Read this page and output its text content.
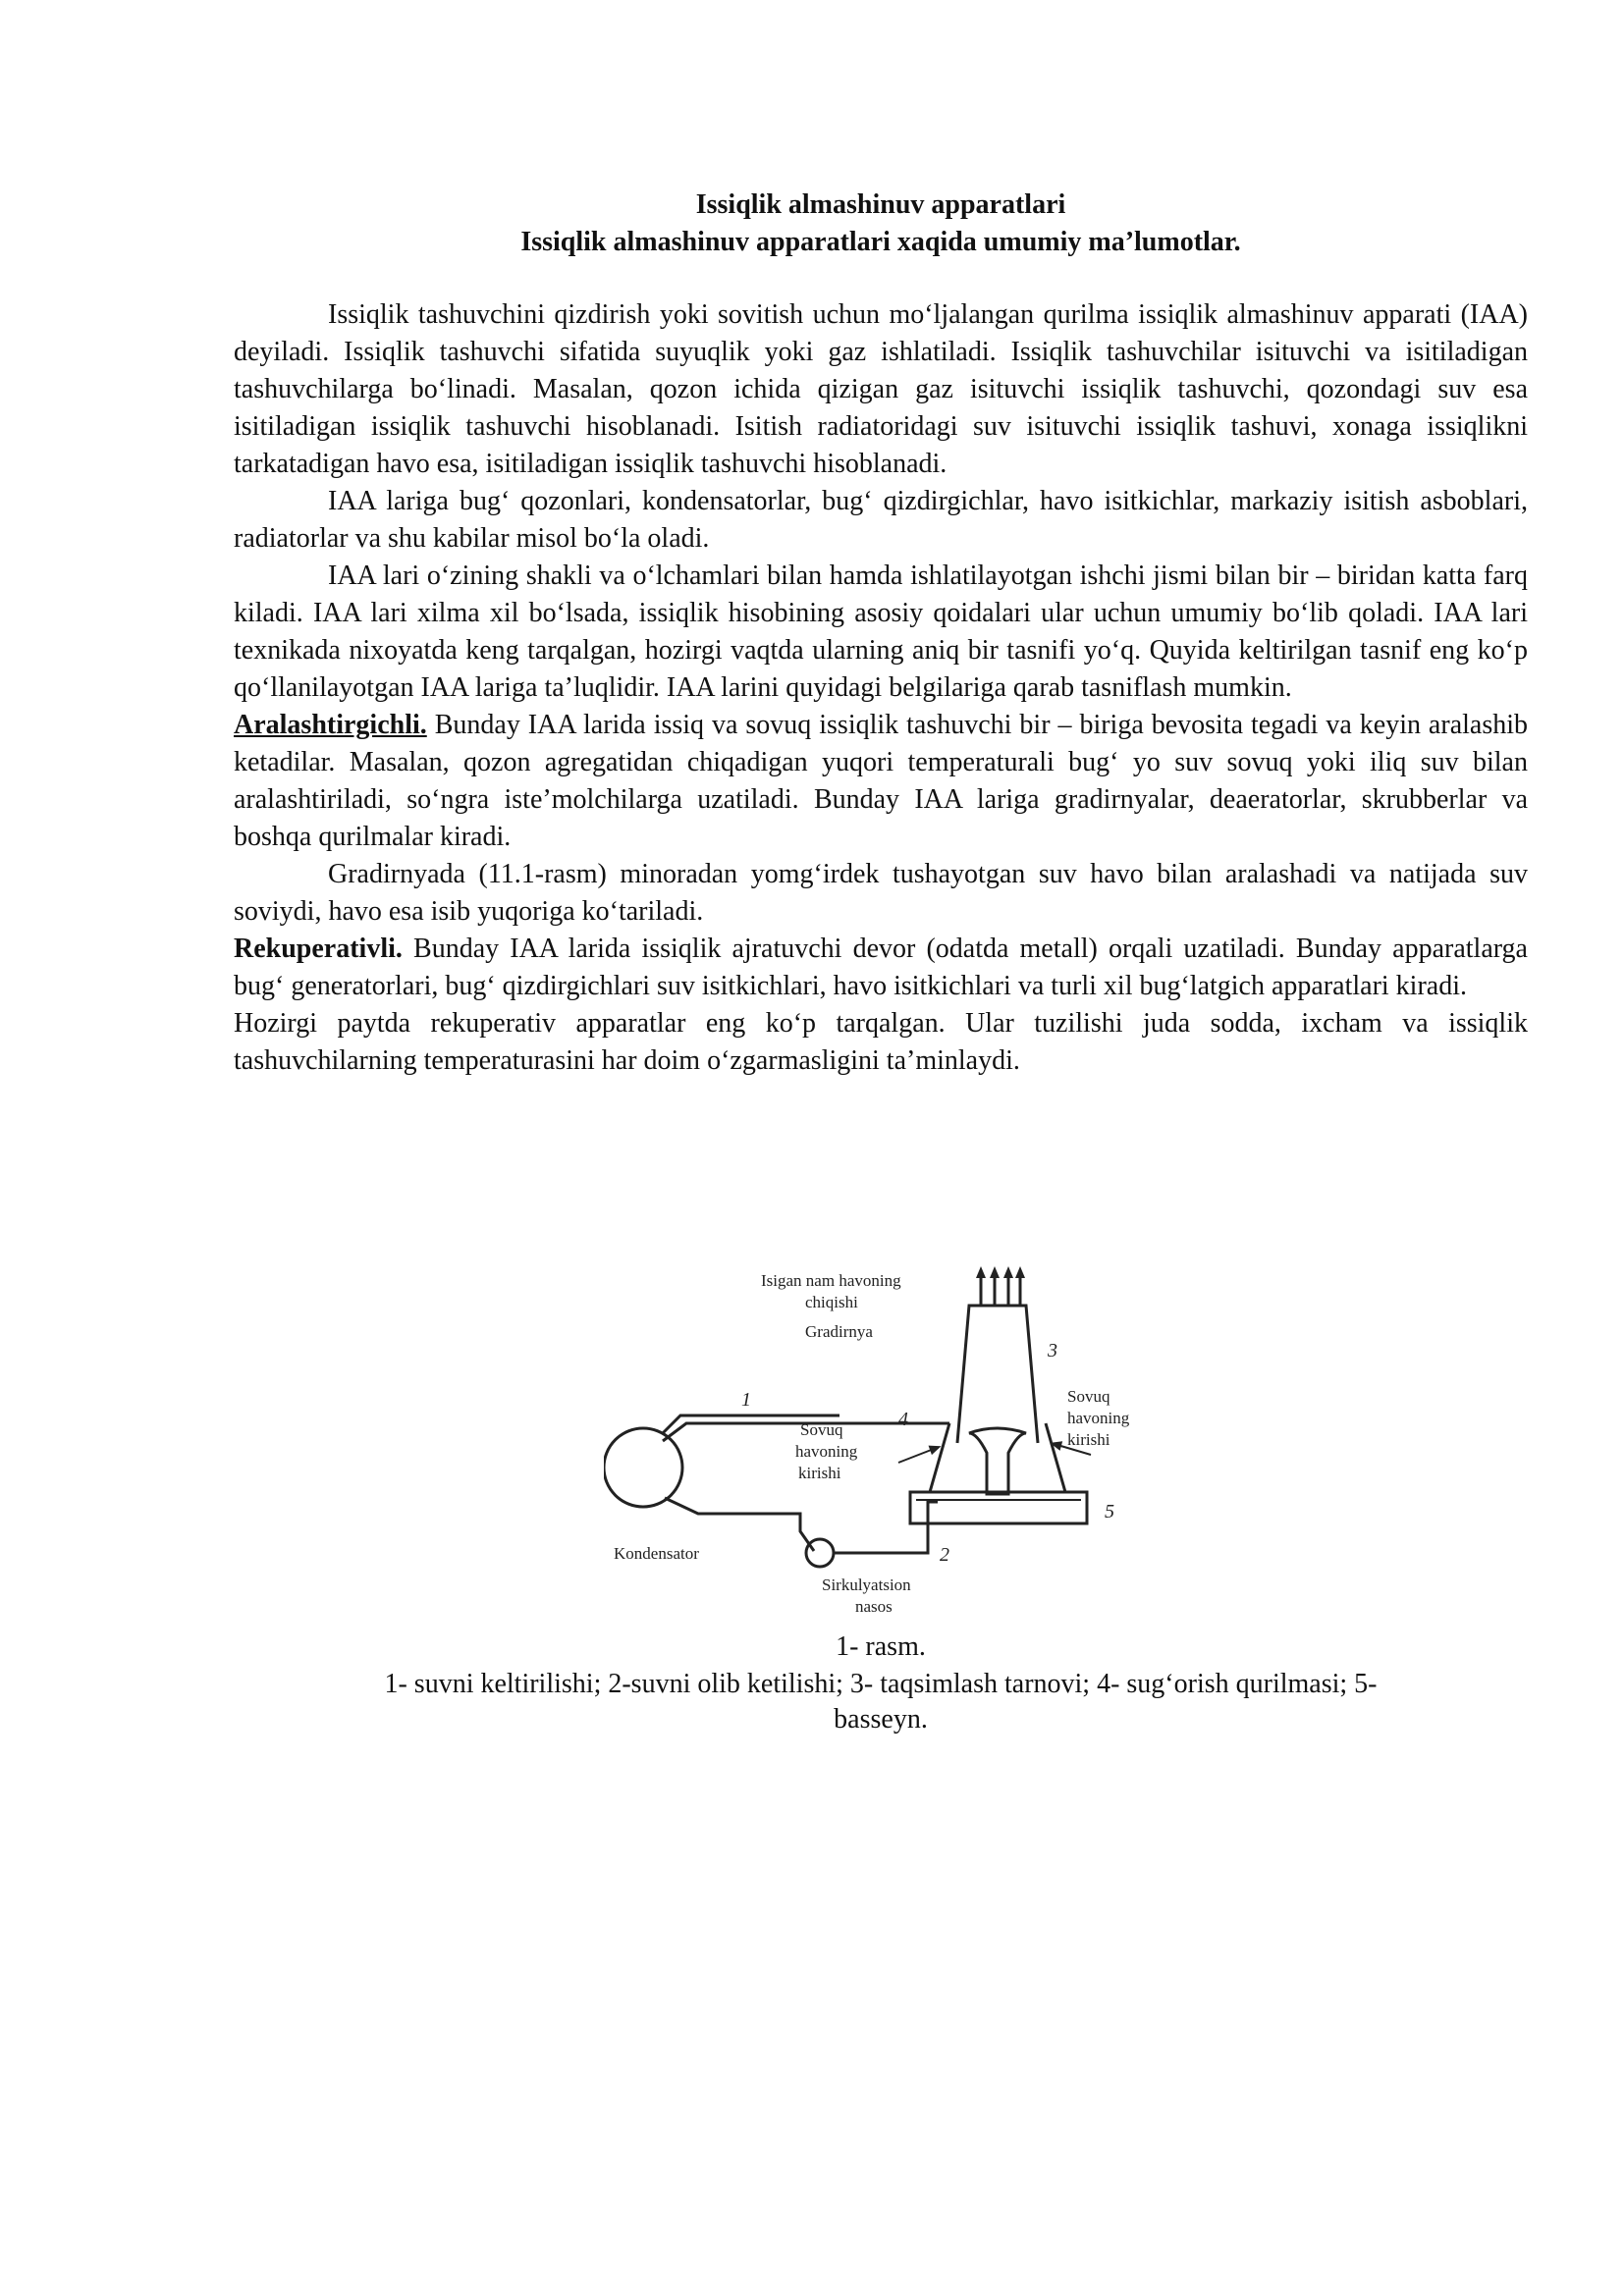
Issiqlik almashinuv apparatlari

Issiqlik almashinuv apparatlari xaqida umumiy ma’lumotlar.

Issiqlik tashuvchini qizdirish yoki sovitish uchun mo‘ljalangan qurilma issiqlik almashinuv apparati (IAA) deyiladi. Issiqlik tashuvchi sifatida suyuqlik yoki gaz ishlatiladi. Issiqlik tashuvchilar isituvchi va isitiladigan tashuvchilarga bo‘linadi. Masalan, qozon ichida qizigan gaz isituvchi issiqlik tashuvchi, qozondagi suv esa isitiladigan issiqlik tashuvchi hisoblanadi. Isitish radiatoridagi suv isituvchi issiqlik tashuvi, xonaga issiqlikni tarkatadigan havo esa, isitiladigan issiqlik tashuvchi hisoblanadi.

IAA lariga bug‘ qozonlari, kondensatorlar, bug‘ qizdirgichlar, havo isitkichlar, markaziy isitish asboblari, radiatorlar va shu kabilar misol bo‘la oladi.

IAA lari o‘zining shakli va o‘lchamlari bilan hamda ishlatilayotgan ishchi jismi bilan bir – biridan katta farq kiladi. IAA lari xilma xil bo‘lsada, issiqlik hisobining asosiy qoidalari ular uchun umumiy bo‘lib qoladi. IAA lari texnikada nixoyatda keng tarqalgan, hozirgi vaqtda ularning aniq bir tasnifi yo‘q. Quyida keltirilgan tasnif eng ko‘p qo‘llanilayotgan IAA lariga ta’luqlidir. IAA larini quyidagi belgilariga qarab tasniflash mumkin.

Aralashtirgichli. Bunday IAA larida issiq va sovuq issiqlik tashuvchi bir – biriga bevosita tegadi va keyin aralashib ketadilar. Masalan, qozon agregatidan chiqadigan yuqori temperaturali bug‘ yo suv sovuq yoki iliq suv bilan aralashtiriladi, so‘ngra iste’molchilarga uzatiladi. Bunday IAA lariga gradirnyalar, deaeratorlar, skrubberlar va boshqa qurilmalar kiradi.

Gradirnyada (11.1-rasm) minoradan yomg‘irdek tushayotgan suv havo bilan aralashadi va natijada suv soviydi, havo esa isib yuqoriga ko‘tariladi.

Rekuperativli. Bunday IAA larida issiqlik ajratuvchi devor (odatda metall) orqali uzatiladi. Bunday apparatlarga bug‘ generatorlari, bug‘ qizdirgichlari suv isitkichlari, havo isitkichlari va turli xil bug‘latgich apparatlari kiradi.

Hozirgi paytda rekuperativ apparatlar eng ko‘p tarqalgan. Ular tuzilishi juda sodda, ixcham va issiqlik tashuvchilarning temperaturasini har doim o‘zgarmasligini ta’minlaydi.

Isigan nam havoning
chiqishi
Gradirnya
Sovuq
havoning
kirishi
Sovuq
havoning
kirishi
Kondensator
Sirkulyatsion
nasos
1
2
3
4
5

1- rasm.

1- suvni keltirilishi; 2-suvni olib ketilishi; 3- taqsimlash tarnovi; 4- sug‘orish qurilmasi; 5-

basseyn.
